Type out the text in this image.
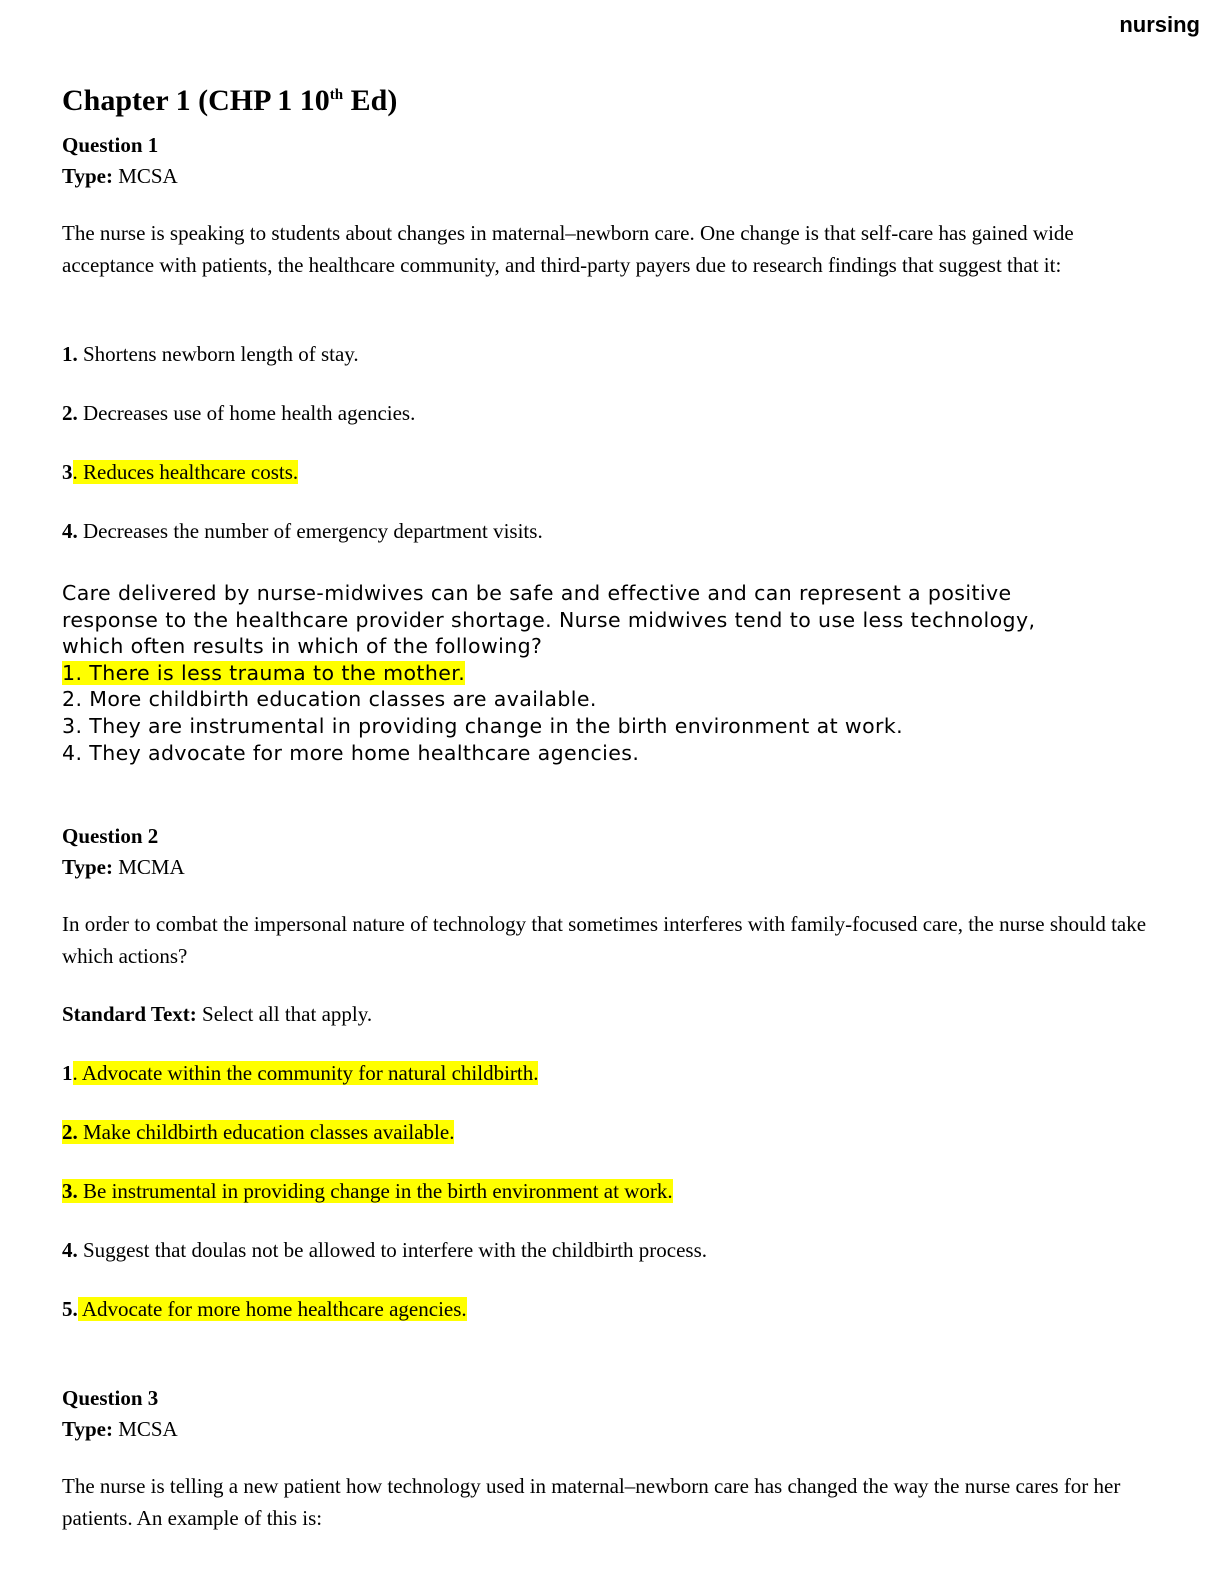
nursing
Chapter 1 (CHP 1 10th Ed)
Question 1
Type: MCSA

The nurse is speaking to students about changes in maternal–newborn care. One change is that self-care has gained wide acceptance with patients, the healthcare community, and third-party payers due to research findings that suggest that it:

1. Shortens newborn length of stay.
2. Decreases use of home health agencies.
3. Reduces healthcare costs.
4. Decreases the number of emergency department visits.
Care delivered by nurse-midwives can be safe and effective and can represent a positive
response to the healthcare provider shortage. Nurse midwives tend to use less technology,
which often results in which of the following?
1. There is less trauma to the mother.
2. More childbirth education classes are available.
3. They are instrumental in providing change in the birth environment at work.
4. They advocate for more home healthcare agencies.
Question 2
Type: MCMA

In order to combat the impersonal nature of technology that sometimes interferes with family-focused care, the nurse should take which actions?

Standard Text: Select all that apply.
1. Advocate within the community for natural childbirth.
2. Make childbirth education classes available.
3. Be instrumental in providing change in the birth environment at work.
4. Suggest that doulas not be allowed to interfere with the childbirth process.
5. Advocate for more home healthcare agencies.
Question 3
Type: MCSA

The nurse is telling a new patient how technology used in maternal–newborn care has changed the way the nurse cares for her patients. An example of this is:
